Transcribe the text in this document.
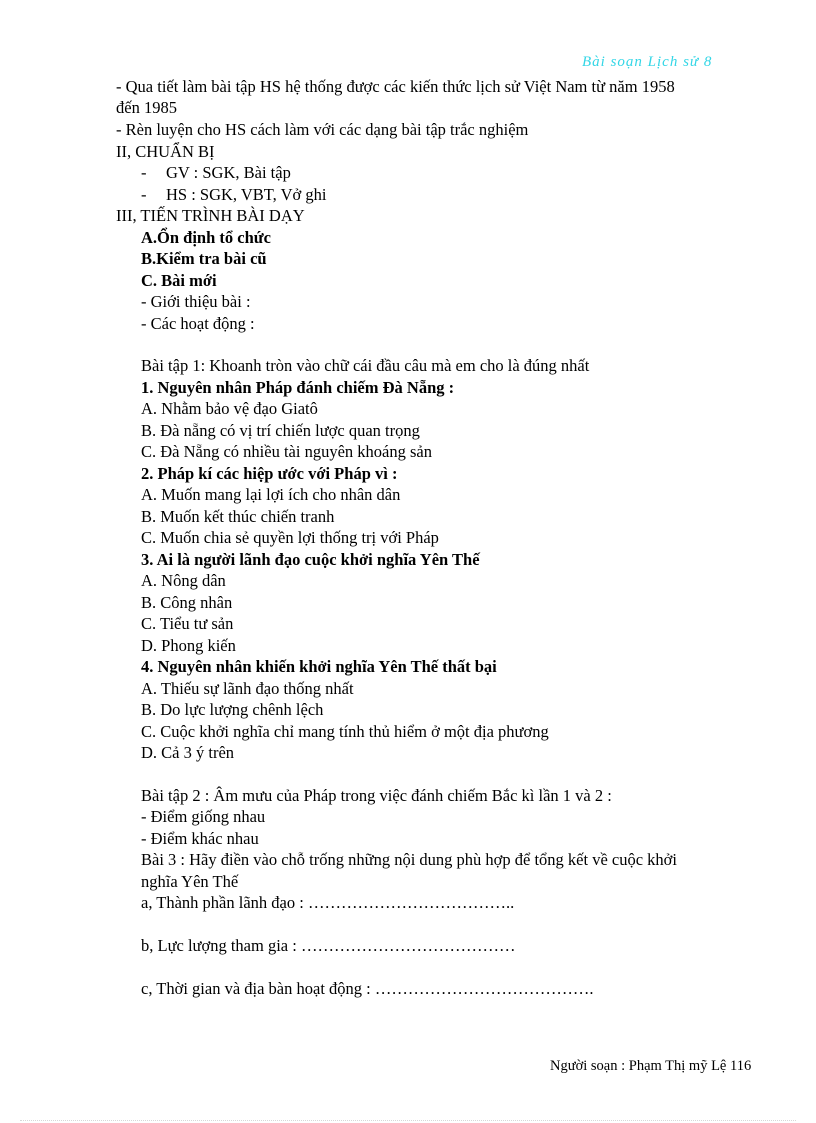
Bài soạn Lịch sử 8
- Qua tiết làm bài tập HS hệ thống được các kiến thức lịch sử Việt Nam từ năm 1958
đến 1985
- Rèn luyện cho HS cách làm với các dạng bài tập trắc nghiệm
II, CHUẨN BỊ
- GV : SGK, Bài tập
- HS : SGK, VBT, Vở ghi
III, TIẾN TRÌNH BÀI DẠY
A.Ổn định tổ chức
B.Kiểm tra bài cũ
C. Bài mới
- Giới thiệu bài :
- Các hoạt động :
Bài tập 1: Khoanh tròn vào chữ cái đầu câu mà em cho là đúng nhất
1. Nguyên nhân Pháp đánh chiếm Đà Nẵng :
A. Nhằm bảo vệ đạo Giatô
B. Đà nẵng có vị trí chiến lược quan trọng
C. Đà Nẵng có nhiều tài nguyên khoáng sản
2. Pháp kí các hiệp ước với Pháp vì :
A. Muốn mang lại lợi ích cho nhân dân
B. Muốn kết thúc chiến tranh
C. Muốn chia sẻ quyền lợi thống trị với Pháp
3. Ai là người lãnh đạo cuộc khởi nghĩa Yên Thế
A. Nông dân
B. Công nhân
C. Tiểu tư sản
D. Phong kiến
4. Nguyên nhân khiến khởi nghĩa Yên Thế thất bại
A. Thiếu sự lãnh đạo thống nhất
B. Do lực lượng chênh lệch
C. Cuộc khởi nghĩa chỉ mang tính thủ hiểm ở một địa phương
D. Cả 3 ý trên
Bài tập 2 : Âm mưu của Pháp trong việc đánh chiếm Bắc kì lần 1 và 2 :
- Điểm giống nhau
- Điểm khác nhau
Bài 3 : Hãy điền vào chỗ trống những nội dung phù hợp để tổng kết về cuộc khởi
nghĩa Yên Thế
a, Thành phần lãnh đạo : ………………………………..
b, Lực lượng tham gia : …………………………………
c, Thời gian và địa bàn hoạt động : ………………………………….
Người soạn : Phạm Thị mỹ Lệ 116
